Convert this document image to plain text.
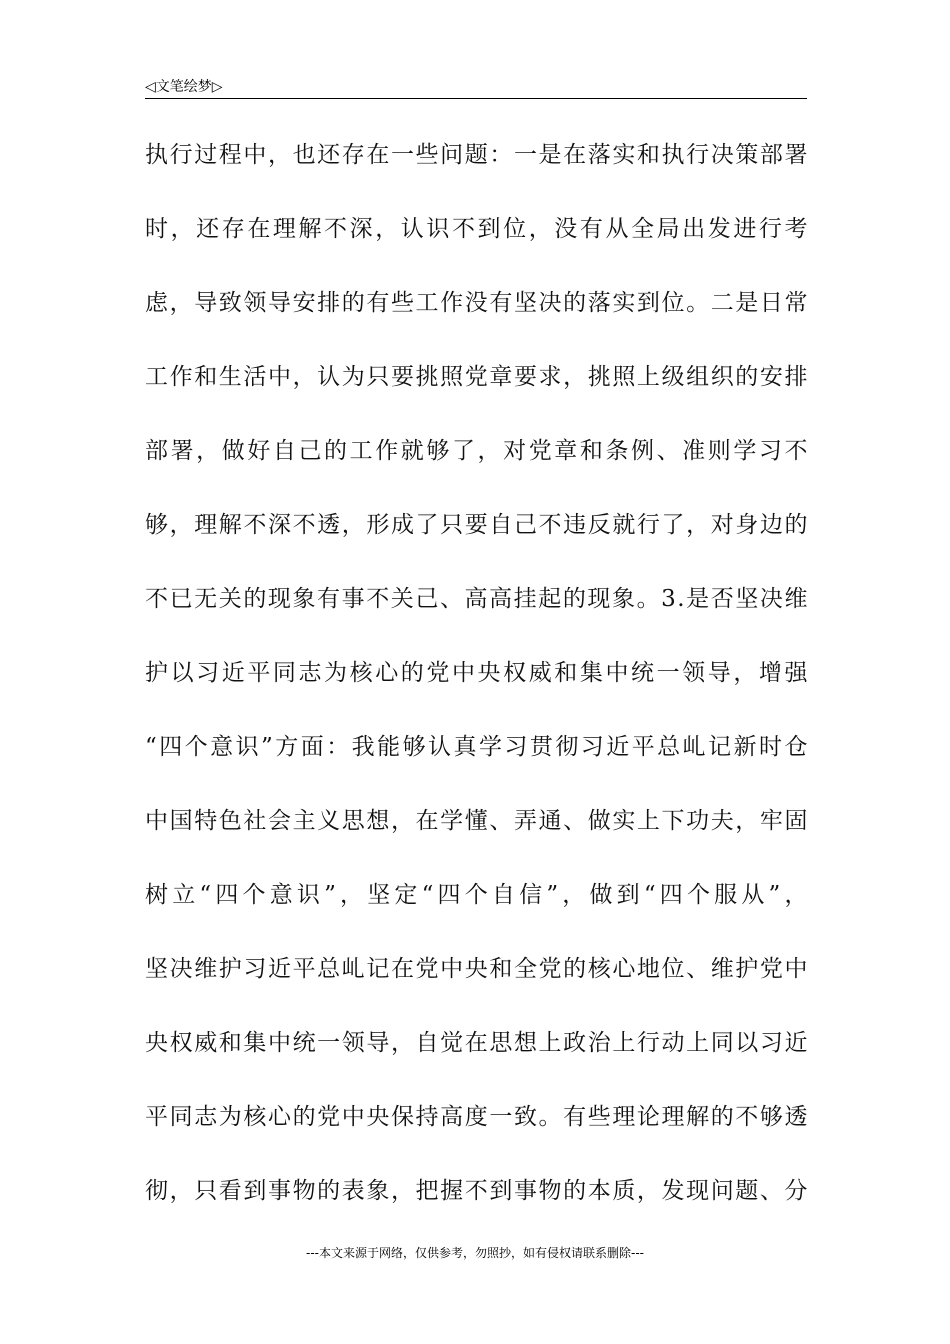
◁文笔绘梦▷
执行过程中，也还存在一些问题：一是在落实和执行决策部署
时，还存在理解不深，认识不到位，没有从全局出发进行考
虑，导致领导安排的有些工作没有坚决的落实到位。二是日常
工作和生活中，认为只要挑照党章要求，挑照上级组织的安排
部署，做好自己的工作就够了，对党章和条例、准则学习不
够，理解不深不透，形成了只要自己不违反就行了，对身边的
不已无关的现象有事不关己、高高挂起的现象。3.是否坚决维
护以习近平同志为核心的党中央权威和集中统一领导，增强
“四个意识”方面：我能够认真学习贯彻习近平总乢记新时仓
中国特色社会主义思想，在学懂、弄通、做实上下功夫，牢固
树立“四个意识”，坚定“四个自信”，做到“四个服从”，
坚决维护习近平总乢记在党中央和全党的核心地位、维护党中
央权威和集中统一领导，自觉在思想上政治上行动上同以习近
平同志为核心的党中央保持高度一致。有些理论理解的不够透
彻，只看到事物的表象，把握不到事物的本质，发现问题、分
---本文来源于网络，仅供参考，勿照抄，如有侵权请联系删除---
